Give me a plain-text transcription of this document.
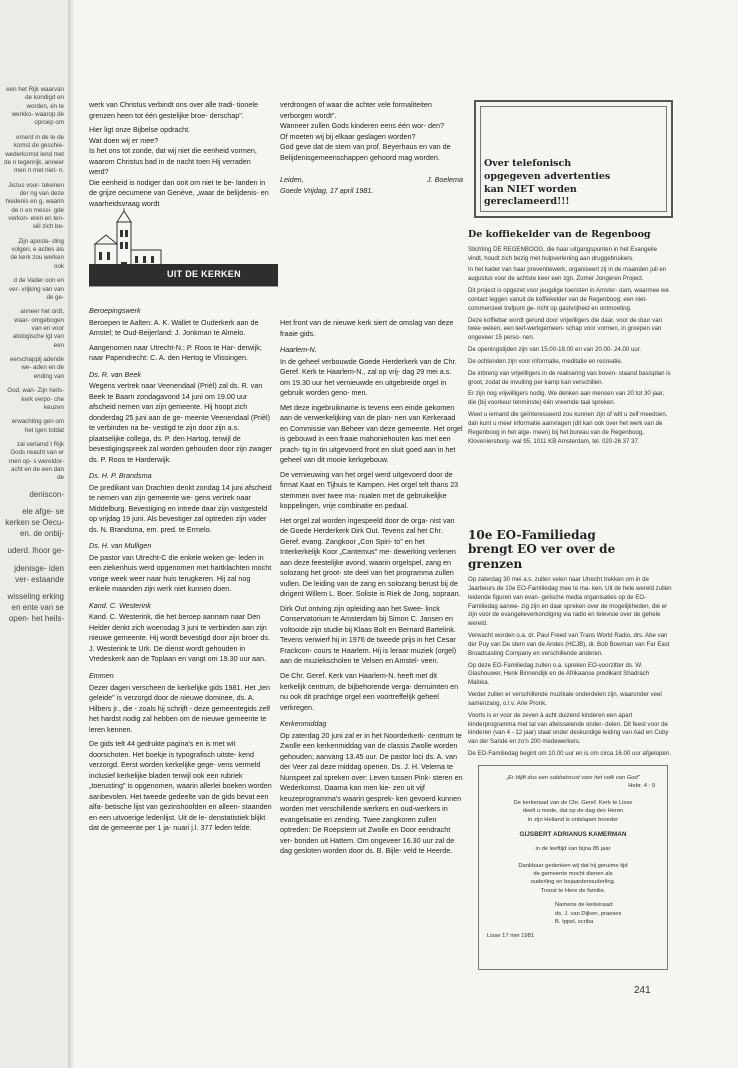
een het Rijk waarvan de kondigd en worden, én te werkko- waarop de oproep om

ement in de te de komst de geschie- wederkomst lend met de n tegenrijk, anneer men n met niet- n.

Jezus voor- tekenen der ng van deze hiedenis en g, waarin de n en messi- gde verkon- eren en ten- sël zich be-

Zijn aposte- ding volgen, e acties als de kerk zou werken ook

d de Vader oon en ver- vrijking van van de ge-

anneer het ordt, waar- omgebogen van en voor atologische igt van een

eerschappij adende we- aden en de ending van

God, wan- Zijn heils- kerk verpo- che keuzen

erwachting gen om het igen totdat

zal verlamd t Rijk Gods rwacht van er men op- s wereldor- acht en de een dan de

deniscon-

ele afge- se kerken se Oecu- en. de onbij-

uderd. lhoor ge-

jdenisge- iden ver- estaande

wisseling erking en ente van se open- het heils-

werk van Christus verbindt ons over alle tradi- tionele grenzen heen tot één gestelijke broe- derschap".

Hier ligt onze Bijbelse opdracht.

Wat doen wij er mee?

Is het ons tot zonde, dat wij niet die eenheid vormen, waarom Christus bad in de nacht toen Hij verraden werd?

Die eenheid is nodiger dan ooit om niet te be- landen in de grijze oecumene van Genève, „waar de belijdenis- en waarheidsvraag wordt

verdrongen of waar die achter vele formaliteiten verborgen wordt".

Wanneer zullen Gods kinderen eens één wor- den?

Of moeten wij bij elkaar geslagen worden?

God geve dat de stem van prof. Beyerhaus en van de Belijdenisgemeenschappen gehoord mag worden.

Leiden,	J. Boelema
Goede Vrijdag, 17 april 1981.
UIT DE KERKEN
Beroepingswerk

Beroepen te Aalten: A. K. Wallet te Ouderkerk aan de Amstel; te Oud-Beijerland: J. Jonkman te Almelo.

Aangenomen naar Utrecht-N.: P. Roos te Har- derwijk; naar Papendrecht: C. A. den Hertog te Vlissingen.

Ds. R. van Beek

Wegens vertrek naar Veenendaal (Prièl) zal ds. R. van Beek te Baarn zondagavond 14 juni om 19.00 uur afscheid nemen van zijn gemeente. Hij hoopt zich donderdag 25 juni aan de ge- meente Veenendaal (Prièl) te verbinden na be- vestigd te zijn door zijn a.s. plaatselijke collega, ds. P. den Hartog, terwijl de bevestigingspreek zal worden gehouden door zijn zwager ds. P. Roos te Harderwijk.

Ds. H. P. Brandsma

De predikant van Drachten denkt zondag 14 juni afscheid te nemen van zijn gemeente we- gens vertrek naar Middelburg. Bevestiging en intrede daar zijn vastgesteld op vrijdag 19 juni. Als bevestiger zal optreden zijn vader ds. N. Brandsma, em. pred. te Ermelo.

Ds. H. van Mulligen

De pastor van Utrecht-C die enkele weken ge- leden in een ziekenhuis werd opgenomen met hartklachten mocht vorige week weer naar huis terugkeren. Hij zal nog enkele maanden zijn werk niet kunnen doen.

Kand. C. Westerink

Kand. C. Westerink, die het beroep aannam naar Den Helder denkt zich woensdag 3 juni te verbinden aan zijn nieuwe gemeente. Hij wordt bevestigd door zijn broer ds. J. Westerink te Urk. De dienst wordt gehouden in Vredeskerk aan de Toplaan en vangt om 19.30 uur aan.

Emmen

Dezer dagen verscheen de kerkelijke gids 1981. Het „ten geleide" is verzorgd door de nieuwe dominee, ds. A. Hilbers jr., die - zoals hij schrijft - deze gemeentegids zelf het hardst nodig zal hebben om de nieuwe gemeente te leren kennen.

De gids telt 44 gedrukte pagina's en is met wit doorschoten. Het boekje is typografisch uitste- kend verzorgd. Eerst worden kerkelijke gege- vens vermeld inclusief kerkelijke bladen terwijl ook een rubriek „toerusting" is opgenomen, waarin allerlei boeken worden aanbevolen. Het tweede gedeelte van de gids bevat een alfa- betische lijst van gezinshoofden en alleen- staanden en een uitvoerige ledenlijst. Uit de le- denstatistiek blijkt dat de gemeente per 1 ja- nuari j.l. 377 leden telde.

Het front van de nieuwe kerk siert de omslag van deze fraaie gids.

Haarlem-N.

In de geheel verbouwde Goede Herderkerk van de Chr. Geref. Kerk te Haarlem-N., zal op vrij- dag 29 mei a.s. om 19.30 uur het vernieuwde en uitgebreide orgel in gebruik worden geno- men.

Met deze ingebruikname is tevens een einde gekomen aan de verwerkelijking van de plan- nen van Kerkeraad en Commissie van Beheer van deze gemeente. Het orgel is gebouwd in een fraaie mahoniehouten kas met een prach- tig in tin uitgevoerd front en sluit goed aan in het geheel van dit mooie kerkgebouw.

De vernieuwing van het orgel werd uitgevoerd door de firmat Kaat en Tijhuis te Kampen. Het orgel telt thans 23 stemmen over twee ma- nualen met de gebruikelijke koppelingen, vrije combinatie en pedaal.

Het orgel zal worden ingespeeld door de orga- nist van de Goede Herderkerk Dirk Out. Tevens zal het Chr. Geref. evang. Zangkoor „Con Spiri- to" en het Interkerkelijk Koor „Cantemus" me- dewerking verlenen aan deze feestelijke avond, waarin orgelspel, zang en solozang het groot- ste deel van het programma zullen vullen. De leiding van de zang en solozang berust bij de dirigent Willem L. Boer. Soliste is Riek de Jong, sopraan.

Dirk Out ontving zijn opleiding aan het Swee- linck Conservatorium te Amsterdam bij Simon C. Jansen en voltooide zijn studie bij Klaas Bolt en Bernard Bartelink. Tevens verwierf hij in 1976 de tweede prijs in het Cesar Frackcon- cours te Haarlem. Hij is leraar muziek (orgel) aan de muziekscholen te Velsen en Amstel- veen.

De Chr. Geref. Kerk van Haarlem-N. heeft met dit kerkelijk centrum, de bijbehorende verga- derruimten en nu ook dit prachtige orgel een voortreffelijk geheel verkregen.

Kerkenmiddag

Op zaterdag 20 juni zal er in het Noorderkerk- centrum te Zwolle een kerkenmiddag van de classis Zwolle worden gehouden; aanvang 13.45 uur. De pastor loci ds. A. van der Veer zal deze middag openen. Ds. J. H. Velema te Nunspeet zal spreken over: Leven tussen Pink- steren en Wederkomst. Daarna kan men kie- zen uit vijf keuzeprogramma's waarin gesprek- ken gevoerd kunnen worden met verschillende werkers en oud-werkers in evangelisatie en zending. Twee zangkoren zullen optreden: De Roepstem uit Zwolle en Door eendracht ver- bonden uit Hattem. Om ongeveer 16.30 uur zal de dag gesloten worden door ds. B. Bijle- veld te Heerde.

Over telefonisch
opgegeven advertenties
kan NIET worden
gereclameerd!!!
De koffiekelder van de Regenboog

Stichting DE REGENBOOG, die haar uitgangspunten in het Evangelie vindt, houdt zich bezig met hulpverlening aan druggebruikers.

In het kader van haar preventiewerk, organiseert zij in de maanden juli en augustus voor de achtste keer een zgn. Zomer Jongeren Project.

Dit project is opgezet voor jeugdige toeristen in Amster- dam, waarmee we contact leggen vanuit de koffiekelder van de Regenboog: een niet-commercieel trefpunt ge- richt op gastvrijheid en ontmoeting.

Deze koffiebar wordt gerund door vrijwilligers die daar, voor de duur van twee weken, een leef-werkgemeen- schap voor vormen, in groepen van ongeveer 15 perso- nen.

De openingstijden zijn van 15.00-18.00 en van 20.00- 24.00 uur.

De ochtenden zijn voor informatie, meditatie en recreatie.

De inbreng van vrijwilligers in de realisering van boven- staand basisplan is groot, zodat de invulling per kamp kan verschillen.

Er zijn nog vrijwilligers nodig. We denken aan mensen van 20 tot 30 jaar, die (bij voorkeur tenminste) één vreemde taal spreken.

Weet u iemand die geïnteresseerd zou kunnen zijn of wilt u zelf meedoen, dan kunt u meer informatie aanvragen (dit kan ook over het werk van de Regenboog in het alge- meen) bij het bureau van de Regenboog, Kloveniersburg- wal 95, 1011 KB Amsterdam, tel. 020-26 37 37.

10e EO-Familiedag
brengt EO ver over de grenzen

Op zaterdag 30 mei a.s. zullen velen naar Utrecht trekken om in de Jaarbeurs de 10e EO-Familiedag mee te ma- ken. Uit de hele wereld zullen leidende figuren van evan- gelische media organisaties op de EO-Familiedag aanwe- zig zijn en daar spreken over de mogelijkheden, die er zijn voor de evangelieverkondiging via radio en televisie over de gehele wereld.

Verwacht worden o.a. dr. Paul Freed van Trans World Radio, drs. Abe van der Puy van De stem van de Andes (HCJB), dr. Bob Bowman van Far East Broadcasting Company en verschillende anderen.

Op deze EO-Familiedag zullen o.a. spreken EO-voorzitter ds. W. Glashouwer, Henk Binnendijk en de Afrikaanse predikant Shadrach Maloka.

Verder zullen er verschillende muzikale onderdelen zijn, waaronder veel samenzang, o.l.v. Arie Pronk.

Voorts is er voor de zeven à acht duizend kinderen een apart kinderprogramma met tal van afwisselende onder- delen. Dit feest voor de kinderen (van 4 - 12 jaar) staat onder deskundige leiding van Aad en Coby van der Sande en zo'n 200 medewerkers.

De EO-Familiedag begint om 10.00 uur en is om circa 16.00 uur afgelopen.

„Er blijft dus een sabbatsrust voor het volk van God"

Hebr. 4 : 9

De kerkeraad van de Chr. Geref. Kerk te Lisse

deelt u mede, dat op de dag des Heren

in zijn Heiland is ontslapen broeder

GIJSBERT ADRIANUS KAMERMAN

in de leeftijd van bijna 85 jaar

Dankbaar gedenken wij dat hij geruime tijd

de gemeente mocht dienen als

ouderling en bejaardenouderling.

Troost te Here de familie.

Namens de kerkeraad:

ds. J. van Dijken, praeses

B. Ippel, scriba

Lisse 17 mei 1981

241
